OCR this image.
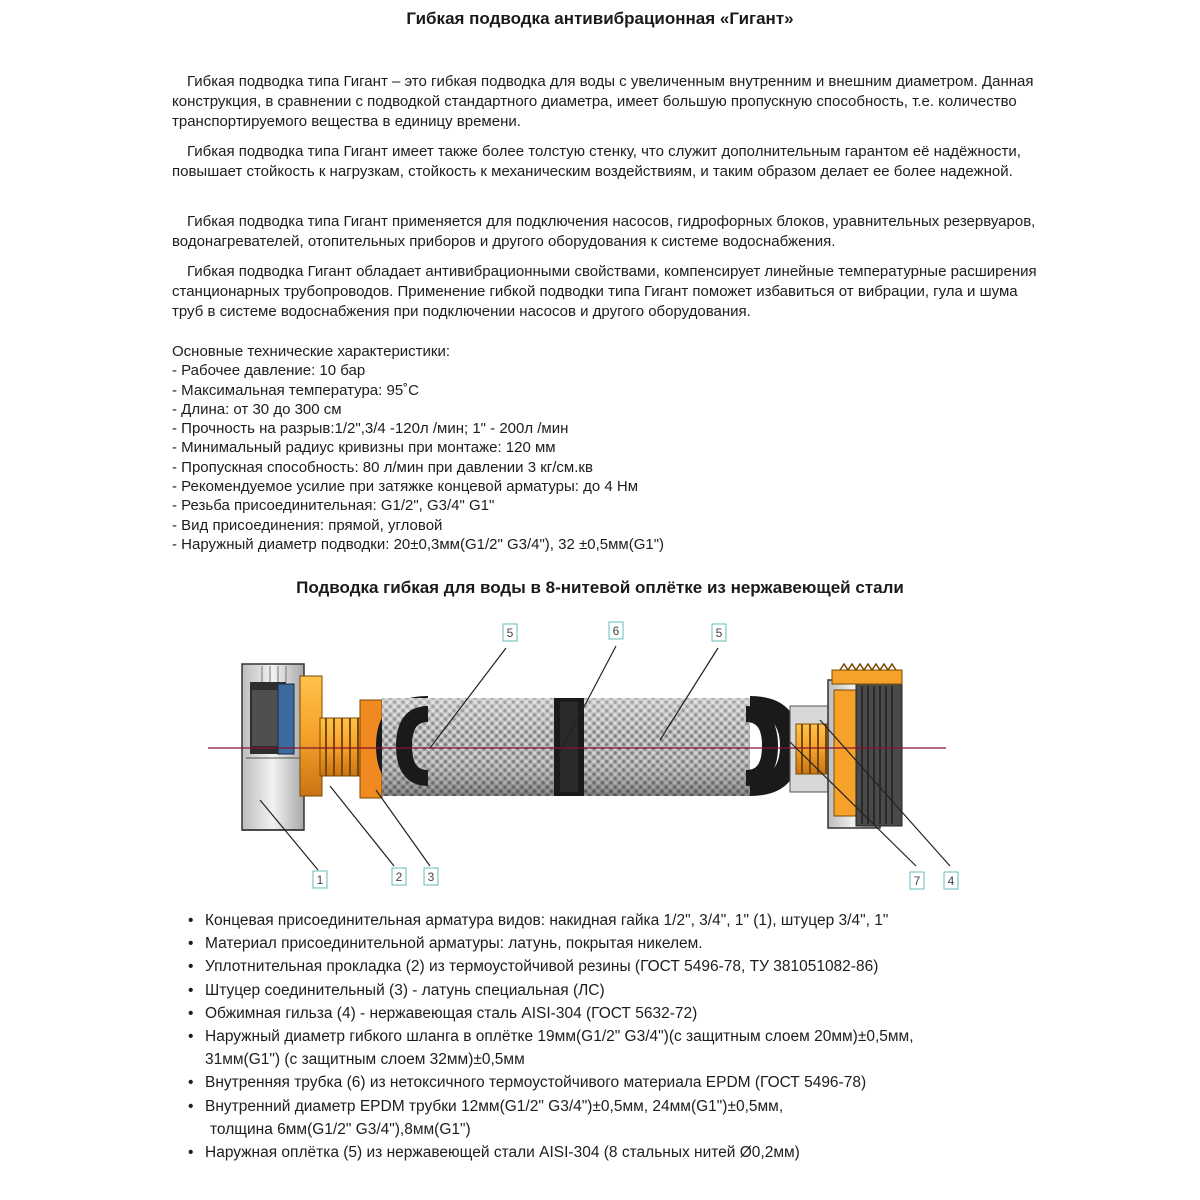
Гибкая подводка антивибрационная «Гигант»

Гибкая подводка типа Гигант – это гибкая подводка для воды с увеличенным внутренним и внешним диаметром. Данная конструкция, в сравнении с подводкой стандартного диаметра, имеет большую пропускную способность, т.е. количество транспортируемого вещества в единицу времени.

Гибкая подводка типа Гигант имеет также более толстую стенку, что служит дополнительным гарантом её надёжности, повышает стойкость к нагрузкам, стойкость к механическим воздействиям, и таким образом делает ее более надежной.

Гибкая подводка типа Гигант применяется для подключения насосов, гидрофорных блоков, уравнительных резервуаров, водонагревателей, отопительных приборов и другого оборудования к системе водоснабжения.

Гибкая подводка Гигант обладает антивибрационными свойствами, компенсирует линейные температурные расширения станционарных трубопроводов. Применение гибкой подводки типа Гигант поможет избавиться от вибрации, гула и шума труб в системе водоснабжения при подключении насосов и другого оборудования.

Основные технические характеристики:
- Рабочее давление: 10 бар
- Максимальная температура: 95˚С
- Длина: от 30 до 300 см
- Прочность на разрыв:1/2",3/4 -120л /мин; 1" - 200л /мин
- Минимальный радиус кривизны при монтаже: 120 мм
- Пропускная способность: 80 л/мин при давлении 3 кг/см.кв
- Рекомендуемое усилие при затяжке концевой арматуры: до 4 Нм
- Резьба присоединительная: G1/2", G3/4" G1"
- Вид присоединения: прямой, угловой
- Наружный диаметр подводки: 20±0,3мм(G1/2" G3/4"), 32 ±0,5мм(G1")
Подводка гибкая для воды в 8-нитевой оплётке из нержавеющей стали
5	6	5
1	2 3	7 4
• Концевая присоединительная арматура видов: накидная гайка 1/2", 3/4", 1" (1), штуцер 3/4", 1"
• Материал присоединительной арматуры: латунь, покрытая никелем.
• Уплотнительная прокладка (2) из термоустойчивой резины (ГОСТ 5496-78, ТУ 381051082-86)
• Штуцер соединительный (3) - латунь специальная (ЛС)
• Обжимная гильза (4) - нержавеющая сталь AISI-304 (ГОСТ 5632-72)
• Наружный диаметр гибкого шланга в оплётке 19мм(G1/2" G3/4")(с защитным слоем 20мм)±0,5мм,
31мм(G1") (с защитным слоем 32мм)±0,5мм
• Внутренняя трубка (6) из нетоксичного термоустойчивого материала EPDM (ГОСТ 5496-78)
• Внутренний диаметр EPDM трубки 12мм(G1/2" G3/4")±0,5мм, 24мм(G1")±0,5мм,
толщина 6мм(G1/2" G3/4"),8мм(G1")
• Наружная оплётка (5) из нержавеющей стали AISI-304 (8 стальных нитей Ø0,2мм)
